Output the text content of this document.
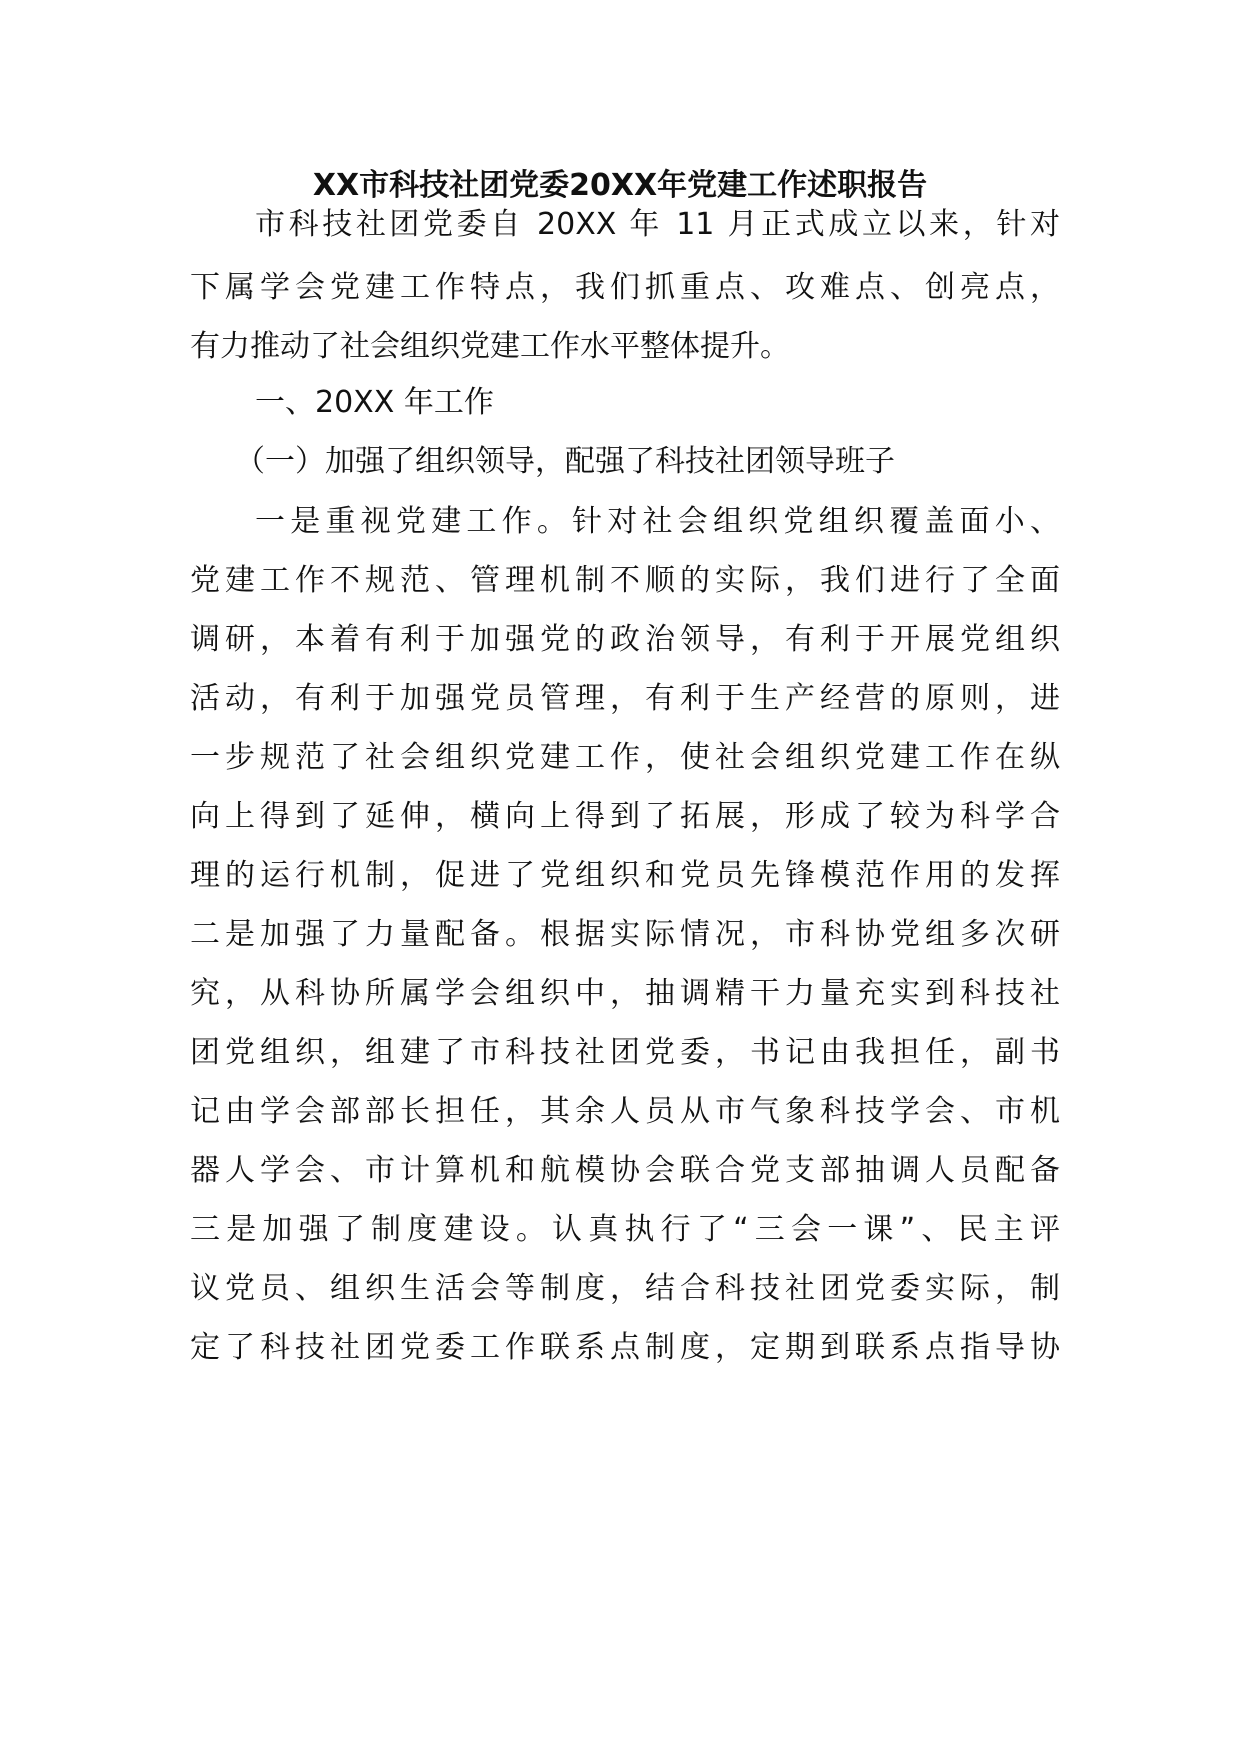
XX市科技社团党委20XX年党建工作述职报告
市科技社团党委自 20XX 年 11 月正式成立以来，针对
下属学会党建工作特点，我们抓重点、攻难点、创亮点，
有力推动了社会组织党建工作水平整体提升。
一、20XX 年工作
（一）加强了组织领导，配强了科技社团领导班子
一是重视党建工作。针对社会组织党组织覆盖面小、
党建工作不规范、管理机制不顺的实际，我们进行了全面
调研，本着有利于加强党的政治领导，有利于开展党组织
活动，有利于加强党员管理，有利于生产经营的原则，进
一步规范了社会组织党建工作，使社会组织党建工作在纵
向上得到了延伸，横向上得到了拓展，形成了较为科学合
理的运行机制，促进了党组织和党员先锋模范作用的发挥
二是加强了力量配备。根据实际情况，市科协党组多次研
究，从科协所属学会组织中，抽调精干力量充实到科技社
团党组织，组建了市科技社团党委，书记由我担任，副书
记由学会部部长担任，其余人员从市气象科技学会、市机
器人学会、市计算机和航模协会联合党支部抽调人员配备
三是加强了制度建设。认真执行了“三会一课”、民主评
议党员、组织生活会等制度，结合科技社团党委实际，制
定了科技社团党委工作联系点制度，定期到联系点指导协
